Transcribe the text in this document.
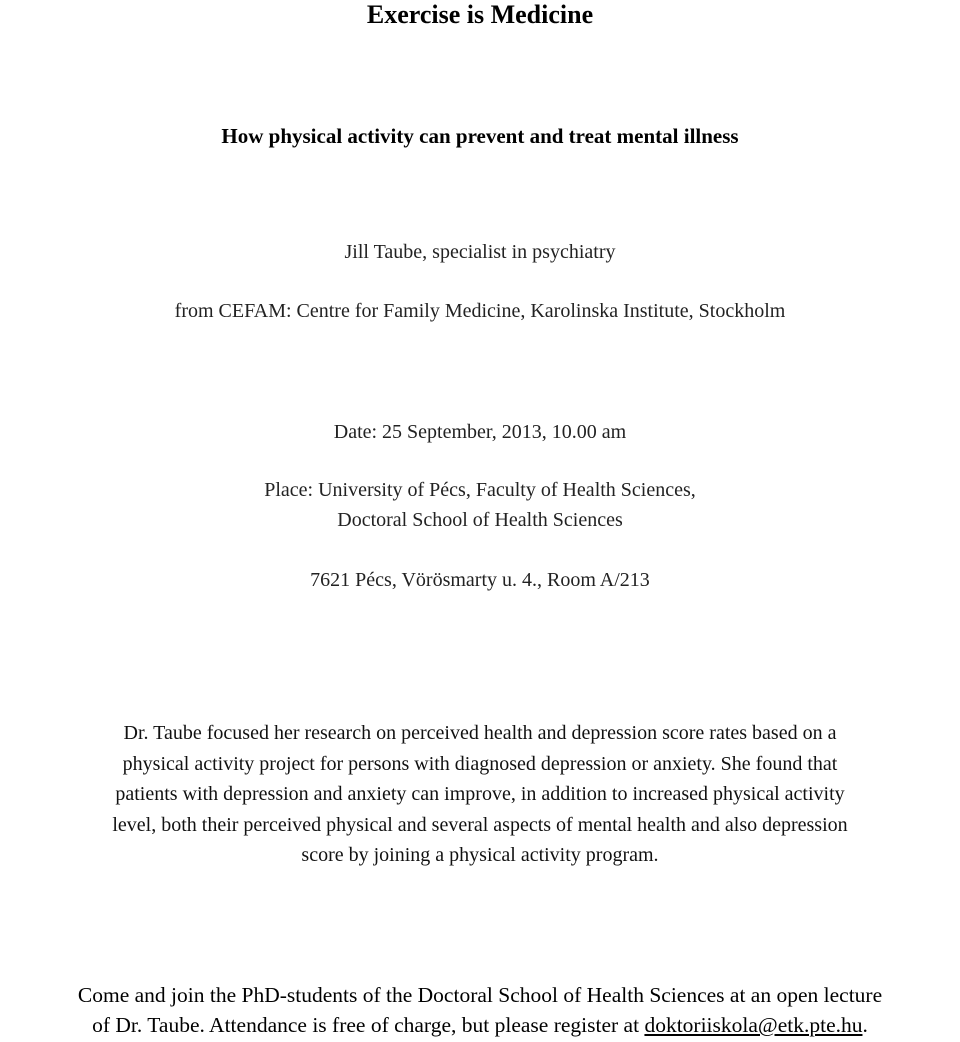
Exercise is Medicine
How physical activity can prevent and treat mental illness
Jill Taube, specialist in psychiatry
from CEFAM: Centre for Family Medicine, Karolinska Institute, Stockholm
Date: 25 September, 2013, 10.00 am
Place: University of Pécs, Faculty of Health Sciences,
Doctoral School of Health Sciences
7621 Pécs, Vörösmarty u. 4., Room A/213
Dr. Taube focused her research on perceived health and depression score rates based on a
physical activity project for persons with diagnosed depression or anxiety. She found that
patients with depression and anxiety can improve, in addition to increased physical activity
level, both their perceived physical and several aspects of mental health and also depression
score by joining a physical activity program.
Come and join the PhD-students of the Doctoral School of Health Sciences at an open lecture
of Dr. Taube. Attendance is free of charge, but please register at doktoriiskola@etk.pte.hu.
